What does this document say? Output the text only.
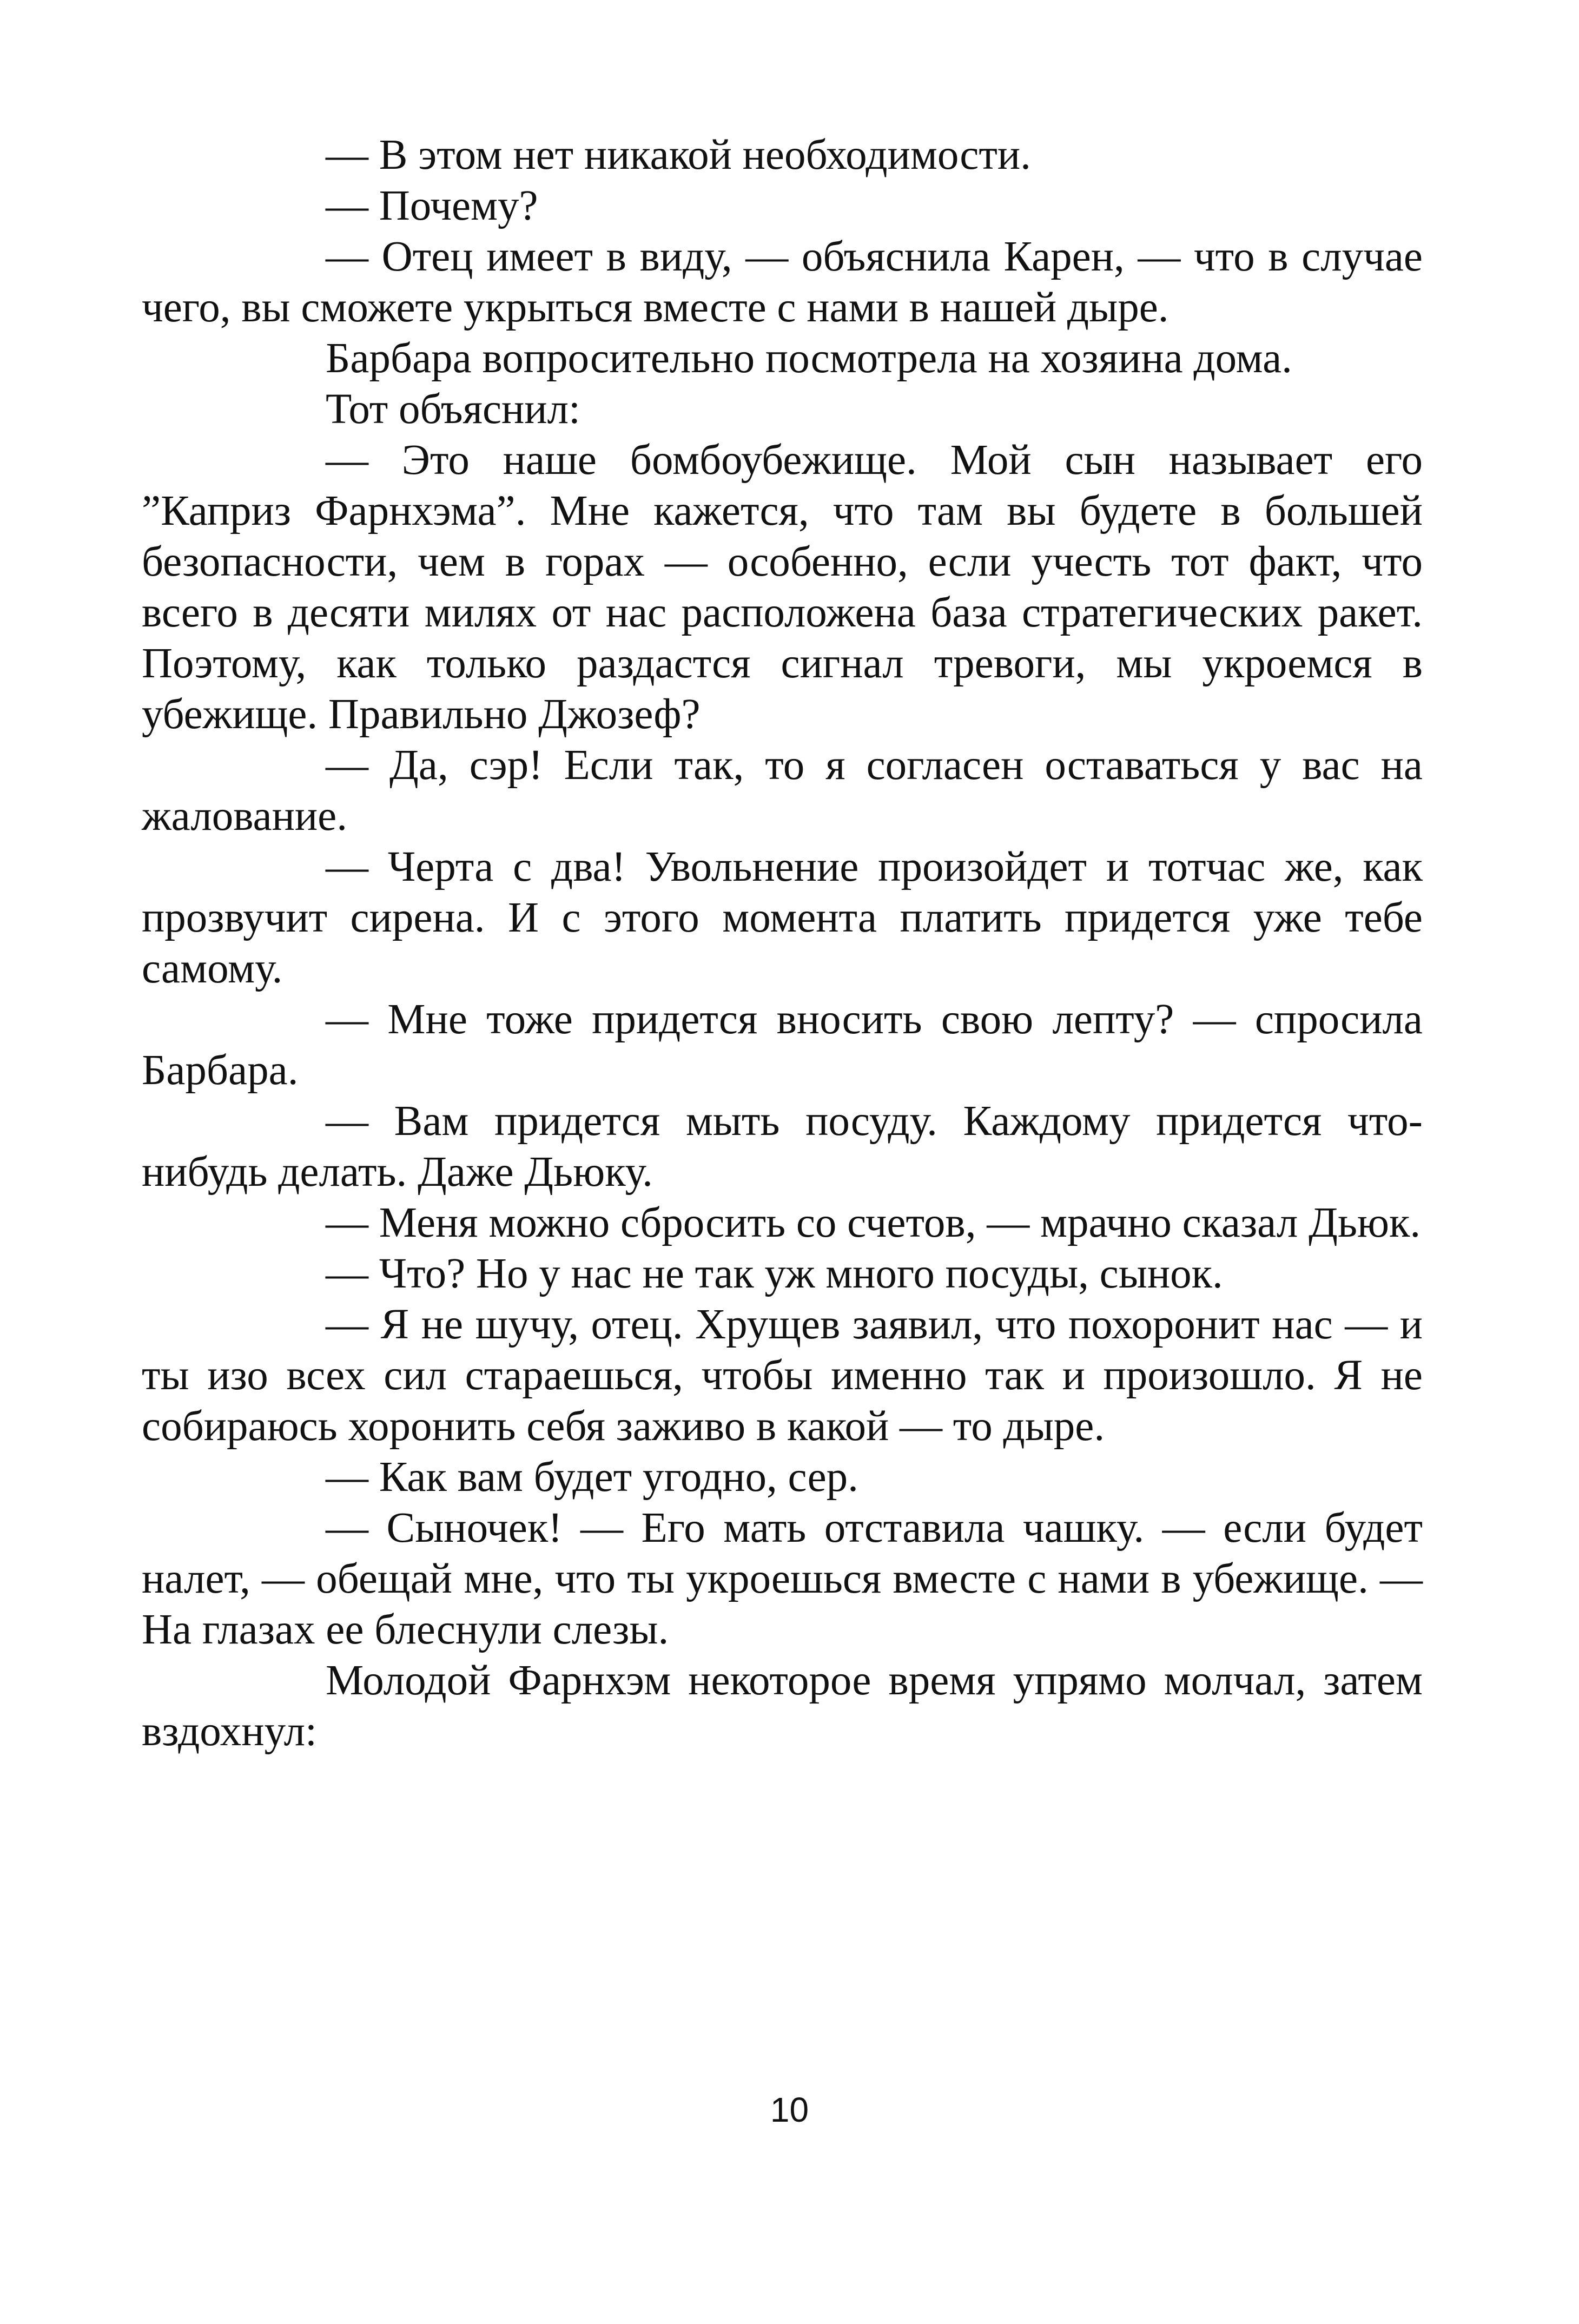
— В этом нет никакой необходимости.

— Почему?

— Отец имеет в виду, — объяснила Карен, — что в случае чего, вы сможете укрыться вместе с нами в нашей дыре.

Барбара вопросительно посмотрела на хозяина дома.

Тот объяснил:

— Это наше бомбоубежище. Мой сын называет его ”Каприз Фарнхэма”. Мне кажется, что там вы будете в большей безопасности, чем в горах — особенно, если учесть тот факт, что всего в десяти милях от нас расположена база стратегических ракет. Поэтому, как только раздастся сигнал тревоги, мы укроемся в убежище. Правильно Джозеф?

— Да, сэр! Если так, то я согласен оставаться у вас на жалование.

— Черта с два! Увольнение произойдет и тотчас же, как прозвучит сирена. И с этого момента платить придется уже тебе самому.

— Мне тоже придется вносить свою лепту? — спросила Барбара.

— Вам придется мыть посуду. Каждому придется что-нибудь делать. Даже Дьюку.

— Меня можно сбросить со счетов, — мрачно сказал Дьюк.

— Что? Но у нас не так уж много посуды, сынок.

— Я не шучу, отец. Хрущев заявил, что похоронит нас — и ты изо всех сил стараешься, чтобы именно так и произошло. Я не собираюсь хоронить себя заживо в какой — то дыре.

— Как вам будет угодно, сер.

— Сыночек! — Его мать отставила чашку. — если будет налет, — обещай мне, что ты укроешься вместе с нами в убежище. — На глазах ее блеснули слезы.

Молодой Фарнхэм некоторое время упрямо молчал, затем вздохнул:

10
